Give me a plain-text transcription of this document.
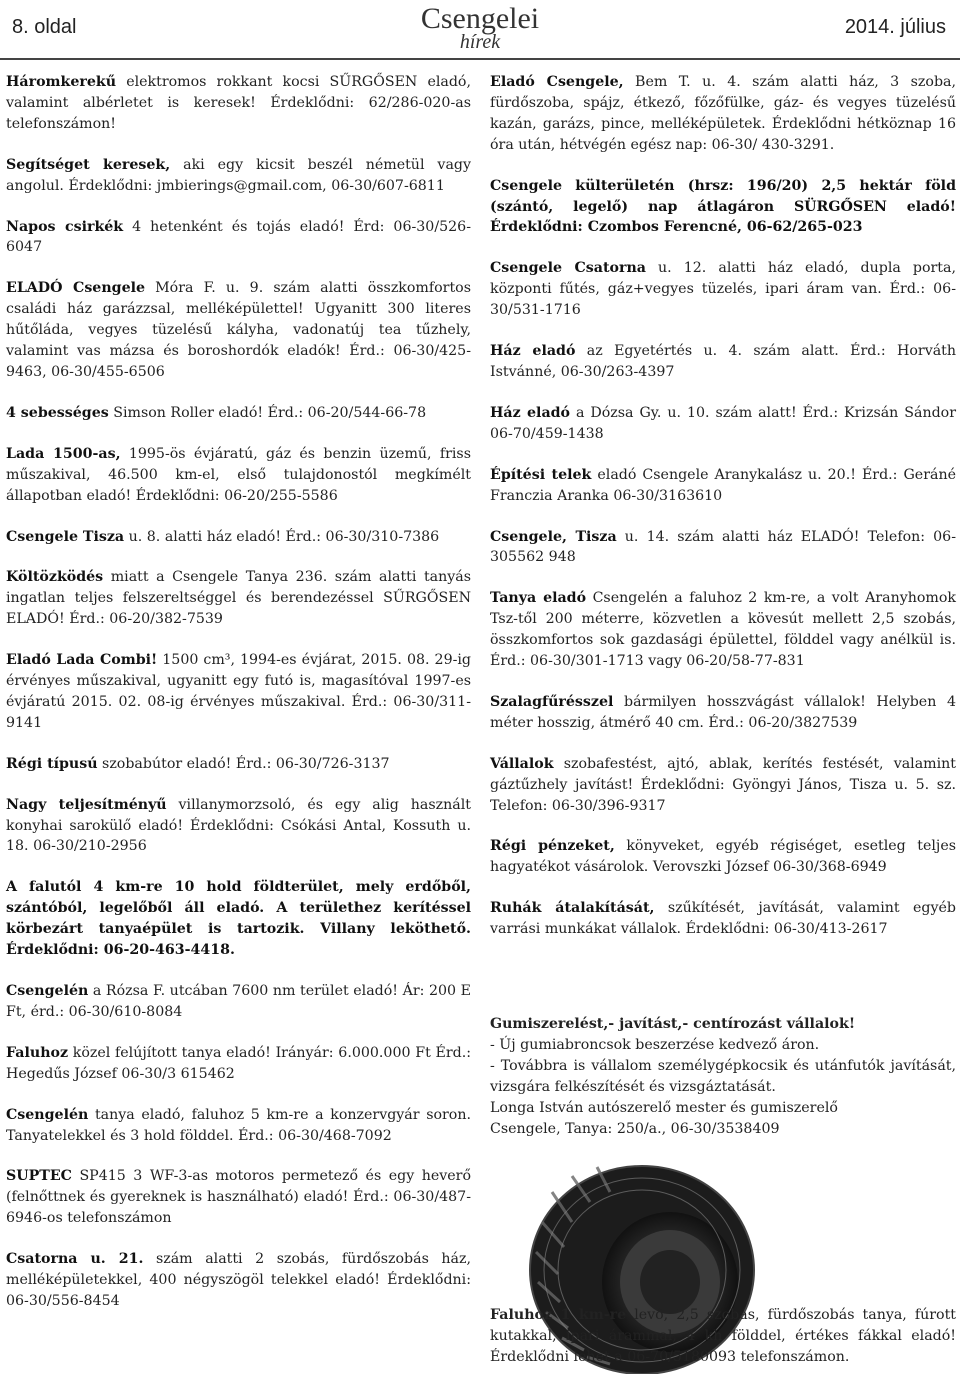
8. oldal	Csengelei
hírek
2014. július
Háromkerekű elektromos rokkant kocsi SŰRGŐSEN eladó, valamint albérletet is keresek! Érdeklődni: 62/286-020-as telefonszámon!
Segítséget keresek, aki egy kicsit beszél németül vagy angolul. Érdeklődni: jmbierings@gmail.com, 06-30/607-6811
Napos csirkék 4 hetenként és tojás eladó! Érd: 06-30/526-6047
ELADÓ Csengele Móra F. u. 9. szám alatti összkomfortos családi ház garázzsal, melléképülettel! Ugyanitt 300 literes hűtőláda, vegyes tüzelésű kályha, vadonatúj tea tűzhely, valamint vas mázsa és boroshordók eladók! Érd.: 06-30/425-9463, 06-30/455-6506
4 sebességes Simson Roller eladó! Érd.: 06-20/544-66-78
Lada 1500-as, 1995-ös évjáratú, gáz és benzin üzemű, friss műszakival, 46.500 km-el, első tulajdonostól megkímélt állapotban eladó! Érdeklődni: 06-20/255-5586
Csengele Tisza u. 8. alatti ház eladó! Érd.: 06-30/310-7386
Költözködés miatt a Csengele Tanya 236. szám alatti tanyás ingatlan teljes felszereltséggel és berendezéssel SŰRGŐSEN ELADÓ! Érd.: 06-20/382-7539
Eladó Lada Combi! 1500 cm³, 1994-es évjárat, 2015. 08. 29-ig érvényes műszakival, ugyanitt egy futó is, magasítóval 1997-es évjáratú 2015. 02. 08-ig érvényes műszakival. Érd.: 06-30/311-9141
Régi típusú szobabútor eladó! Érd.: 06-30/726-3137
Nagy teljesítményű villanymorzsoló, és egy alig használt konyhai sarokülő eladó! Érdeklődni: Csókási Antal, Kossuth u. 18. 06-30/210-2956
A falutól 4 km-re 10 hold földterület, mely erdőből, szántóból, legelőből áll eladó. A területhez kerítéssel körbezárt tanyaépület is tartozik. Villany leköthető. Érdeklődni: 06-20-463-4418.
Csengelén a Rózsa F. utcában 7600 nm terület eladó! Ár: 200 E Ft, érd.: 06-30/610-8084
Faluhoz közel felújított tanya eladó! Irányár: 6.000.000 Ft Érd.: Hegedűs József 06-30/3 615462
Csengelén tanya eladó, faluhoz 5 km-re a konzervgyár soron. Tanyatelekkel és 3 hold földdel. Érd.: 06-30/468-7092
SUPTEC SP415 3 WF-3-as motoros permetező és egy heverő (felnőttnek és gyereknek is használható) eladó! Érd.: 06-30/487-6946-os telefonszámon
Csatorna u. 21. szám alatti 2 szobás, fürdőszobás ház, melléképületekkel, 400 négyszögöl telekkel eladó! Érdeklődni: 06-30/556-8454
Eladó Csengele, Bem T. u. 4. szám alatti ház, 3 szoba, fürdőszoba, spájz, étkező, főzőfülke, gáz- és vegyes tüzelésű kazán, garázs, pince, melléképületek. Érdeklődni hétköznap 16 óra után, hétvégén egész nap: 06-30/ 430-3291.
Csengele külterületén (hrsz: 196/20) 2,5 hektár föld (szántó, legelő) nap átlagáron SÜRGŐSEN eladó! Érdeklődni: Czombos Ferencné, 06-62/265-023
Csengele Csatorna u. 12. alatti ház eladó, dupla porta, központi fűtés, gáz+vegyes tüzelés, ipari áram van. Érd.: 06-30/531-1716
Ház eladó az Egyetértés u. 4. szám alatt. Érd.: Horváth Istvánné, 06-30/263-4397
Ház eladó a Dózsa Gy. u. 10. szám alatt! Érd.: Krizsán Sándor 06-70/459-1438
Építési telek eladó Csengele Aranykalász u. 20.! Érd.: Geráné Franczia Aranka 06-30/3163610
Csengele, Tisza u. 14. szám alatti ház ELADÓ! Telefon: 06-305562 948
Tanya eladó Csengelén a faluhoz 2 km-re, a volt Aranyhomok Tsz-től 200 méterre, közvetlen a kövesút mellett 2,5 szobás, összkomfortos sok gazdasági épülettel, földdel vagy anélkül is. Érd.: 06-30/301-1713 vagy 06-20/58-77-831
Szalagfűrésszel bármilyen hosszvágást vállalok! Helyben 4 méter hosszig, átmérő 40 cm. Érd.: 06-20/3827539
Vállalok szobafestést, ajtó, ablak, kerítés festését, valamint gáztűzhely javítást! Érdeklődni: Gyöngyi János, Tisza u. 5. sz. Telefon: 06-30/396-9317
Régi pénzeket, könyveket, egyéb régiséget, esetleg teljes hagyatékot vásárolok. Verovszki József 06-30/368-6949
Ruhák átalakítását, szűkítését, javítását, valamint egyéb varrási munkákat vállalok. Érdeklődni: 06-30/413-2617
Gumiszerelést,- javítást,- centírozást vállalok!
- Új gumiabroncsok beszerzése kedvező áron.
- Továbbra is vállalom személygépkocsik és utánfutók javítását, vizsgára felkészítését és vizsgáztatását.
Longa István autószerelő mester és gumiszerelő
Csengele, Tanya: 250/a., 06-30/3538409
Faluhoz 1 km-re levő, 2,5 szobás, fürdőszobás tanya, fúrott kutakkal, ipari árammal, 4 kh földdel, értékes fákkal eladó! Érdeklődni lehet a 06-70/5180093 telefonszámon.
